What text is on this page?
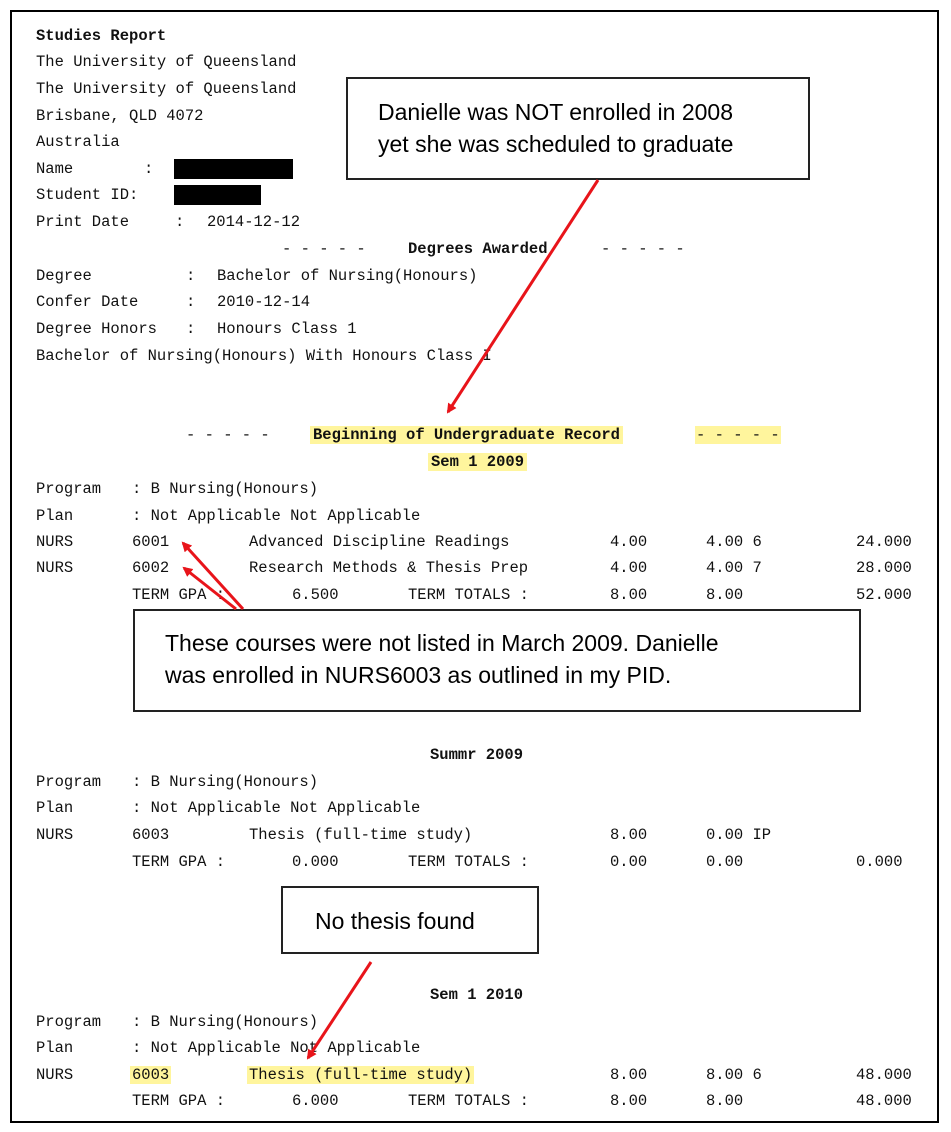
Studies Report
The University of Queensland
The University of Queensland
Brisbane, QLD 4072
Australia
Name	:
Student ID:
Print Date	: 2014-12-12
- - - - -	Degrees Awarded	- - - - -
Degree	: Bachelor of Nursing(Honours)
Confer Date	: 2010-12-14
Degree Honors : Honours Class 1
Bachelor of Nursing(Honours) With Honours Class I
- - - - -	Beginning of Undergraduate Record	- - - - -
Sem 1 2009
Program : B Nursing(Honours)
Plan	: Not Applicable Not Applicable
NURS	6001	Advanced Discipline Readings	4.00	4.00 6	24.000
NURS	6002	Research Methods & Thesis Prep	4.00	4.00 7	28.000
TERM GPA :	6.500	TERM TOTALS :	8.00	8.00	52.000
Summr 2009
Program : B Nursing(Honours)
Plan	: Not Applicable Not Applicable
NURS	6003	Thesis (full-time study)	8.00	0.00 IP
TERM GPA :	0.000	TERM TOTALS :	0.00	0.00	0.000
Sem 1 2010
Program : B Nursing(Honours)
Plan	: Not Applicable Not Applicable
NURS	6003	Thesis (full-time study)	8.00	8.00 6	48.000
TERM GPA :	6.000	TERM TOTALS :	8.00	8.00	48.000
Danielle was NOT enrolled in 2008
yet she was scheduled to graduate
These courses were not listed in March 2009. Danielle
was enrolled in NURS6003 as outlined in my PID.
No thesis found
